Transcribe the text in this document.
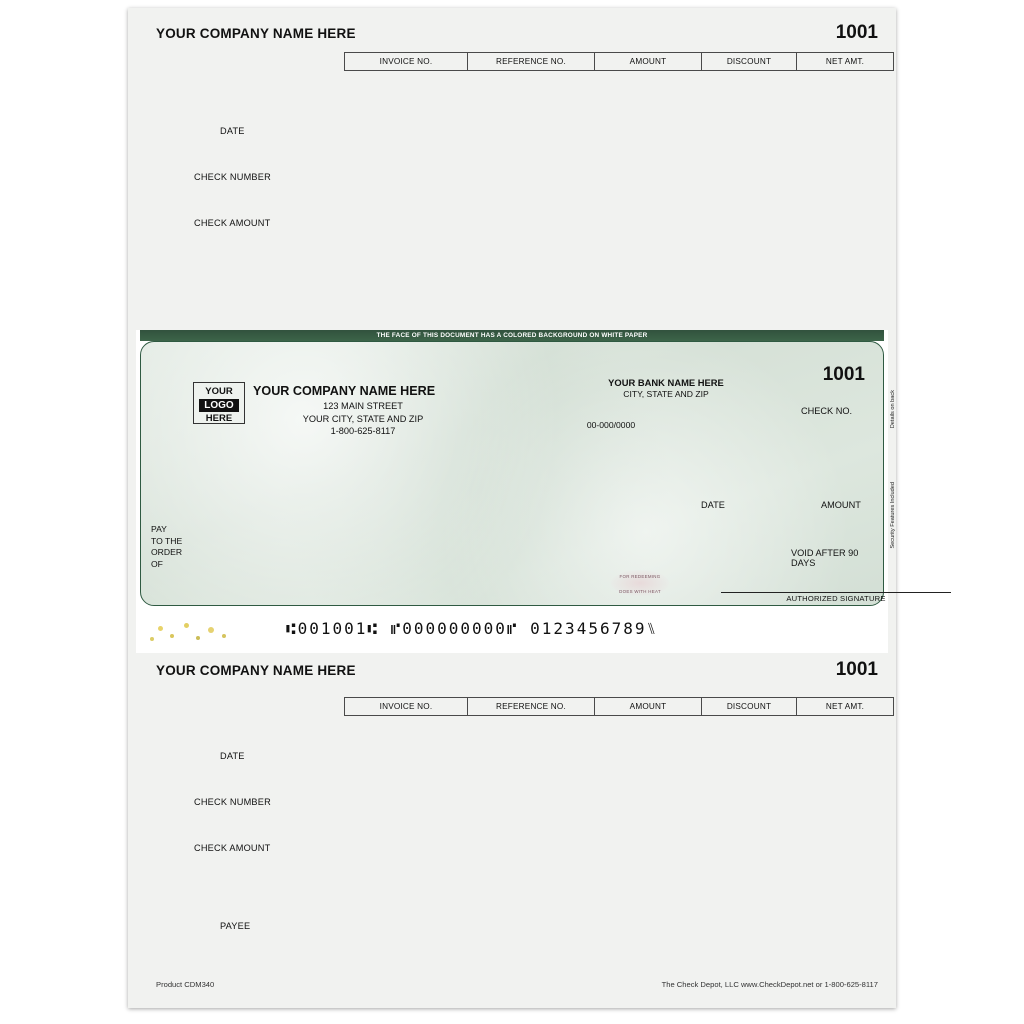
YOUR COMPANY NAME HERE	1001
INVOICE NO.	REFERENCE NO.	AMOUNT	DISCOUNT	NET AMT.
DATE
CHECK NUMBER
CHECK AMOUNT
THE FACE OF THIS DOCUMENT HAS A COLORED BACKGROUND ON WHITE PAPER
YOUR
LOGO
HERE
YOUR COMPANY NAME HERE
123 MAIN STREET
YOUR CITY, STATE AND ZIP
1-800-625-8117
YOUR BANK NAME HERE
CITY, STATE AND ZIP
00-000/0000
CHECK NO.
1001
DATE	AMOUNT
VOID AFTER 90 DAYS
PAY
TO THE
ORDER
OF
FOR REDEEMING
DOES WITH HEAT
AUTHORIZED SIGNATURE
Details on back
Security Features Included
⑆001001⑆ ⑈000000000⑈ 0123456789⑊
YOUR COMPANY NAME HERE	1001
INVOICE NO.	REFERENCE NO.	AMOUNT	DISCOUNT	NET AMT.
DATE
CHECK NUMBER
CHECK AMOUNT
PAYEE
Product CDM340	The Check Depot, LLC www.CheckDepot.net or 1-800-625-8117
